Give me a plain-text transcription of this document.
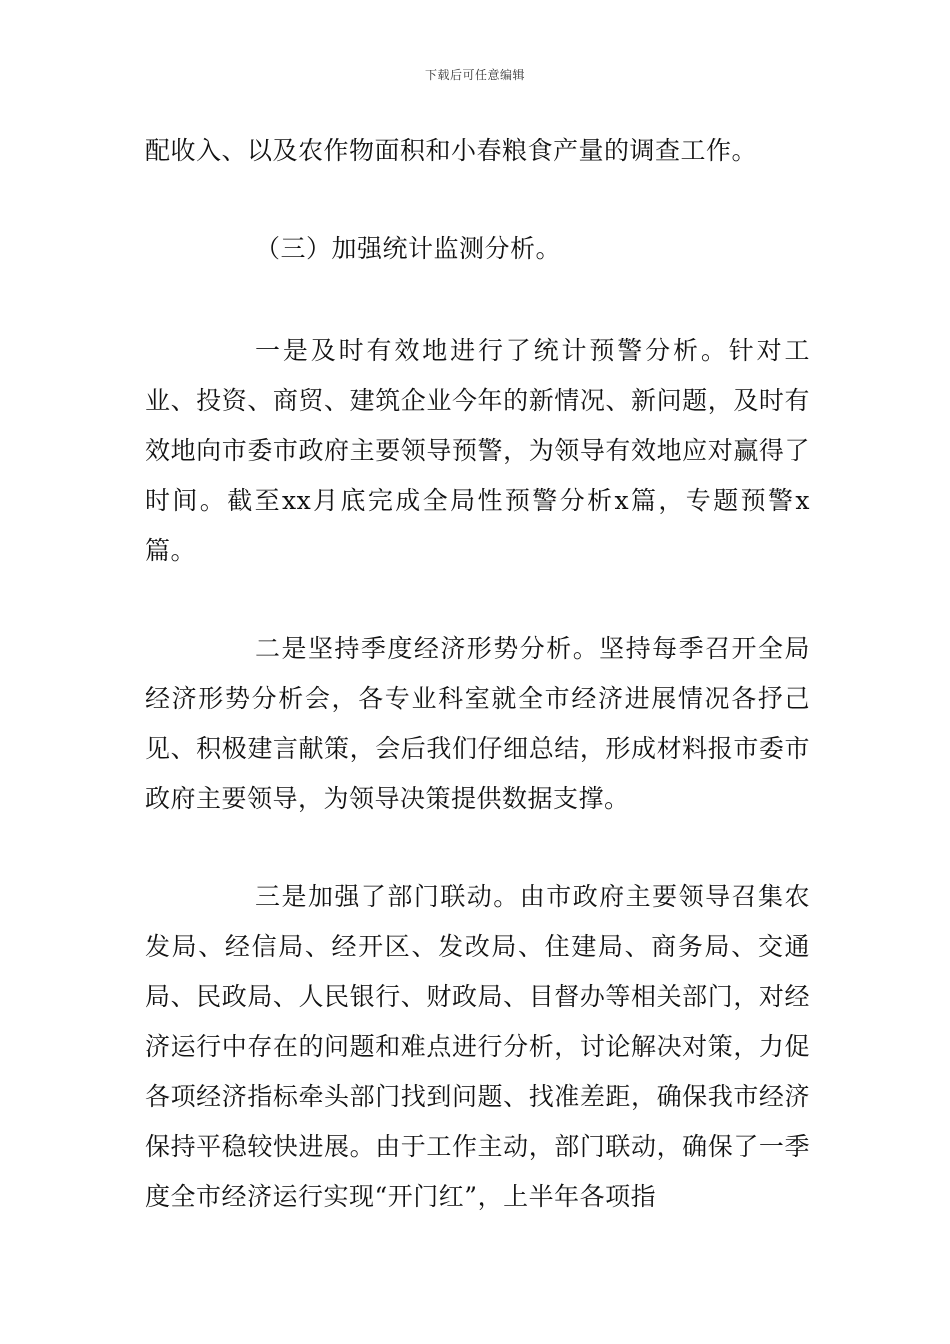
下载后可任意编辑

配收入、以及农作物面积和小春粮食产量的调查工作。

（三）加强统计监测分析。

一是及时有效地进行了统计预警分析。针对工业、投资、商贸、建筑企业今年的新情况、新问题，及时有效地向市委市政府主要领导预警，为领导有效地应对赢得了时间。截至xx月底完成全局性预警分析x篇，专题预警x篇。

二是坚持季度经济形势分析。坚持每季召开全局经济形势分析会，各专业科室就全市经济进展情况各抒己见、积极建言献策，会后我们仔细总结，形成材料报市委市政府主要领导，为领导决策提供数据支撑。

三是加强了部门联动。由市政府主要领导召集农发局、经信局、经开区、发改局、住建局、商务局、交通局、民政局、人民银行、财政局、目督办等相关部门，对经济运行中存在的问题和难点进行分析，讨论解决对策，力促各项经济指标牵头部门找到问题、找准差距，确保我市经济保持平稳较快进展。由于工作主动，部门联动，确保了一季度全市经济运行实现“开门红”，上半年各项指
